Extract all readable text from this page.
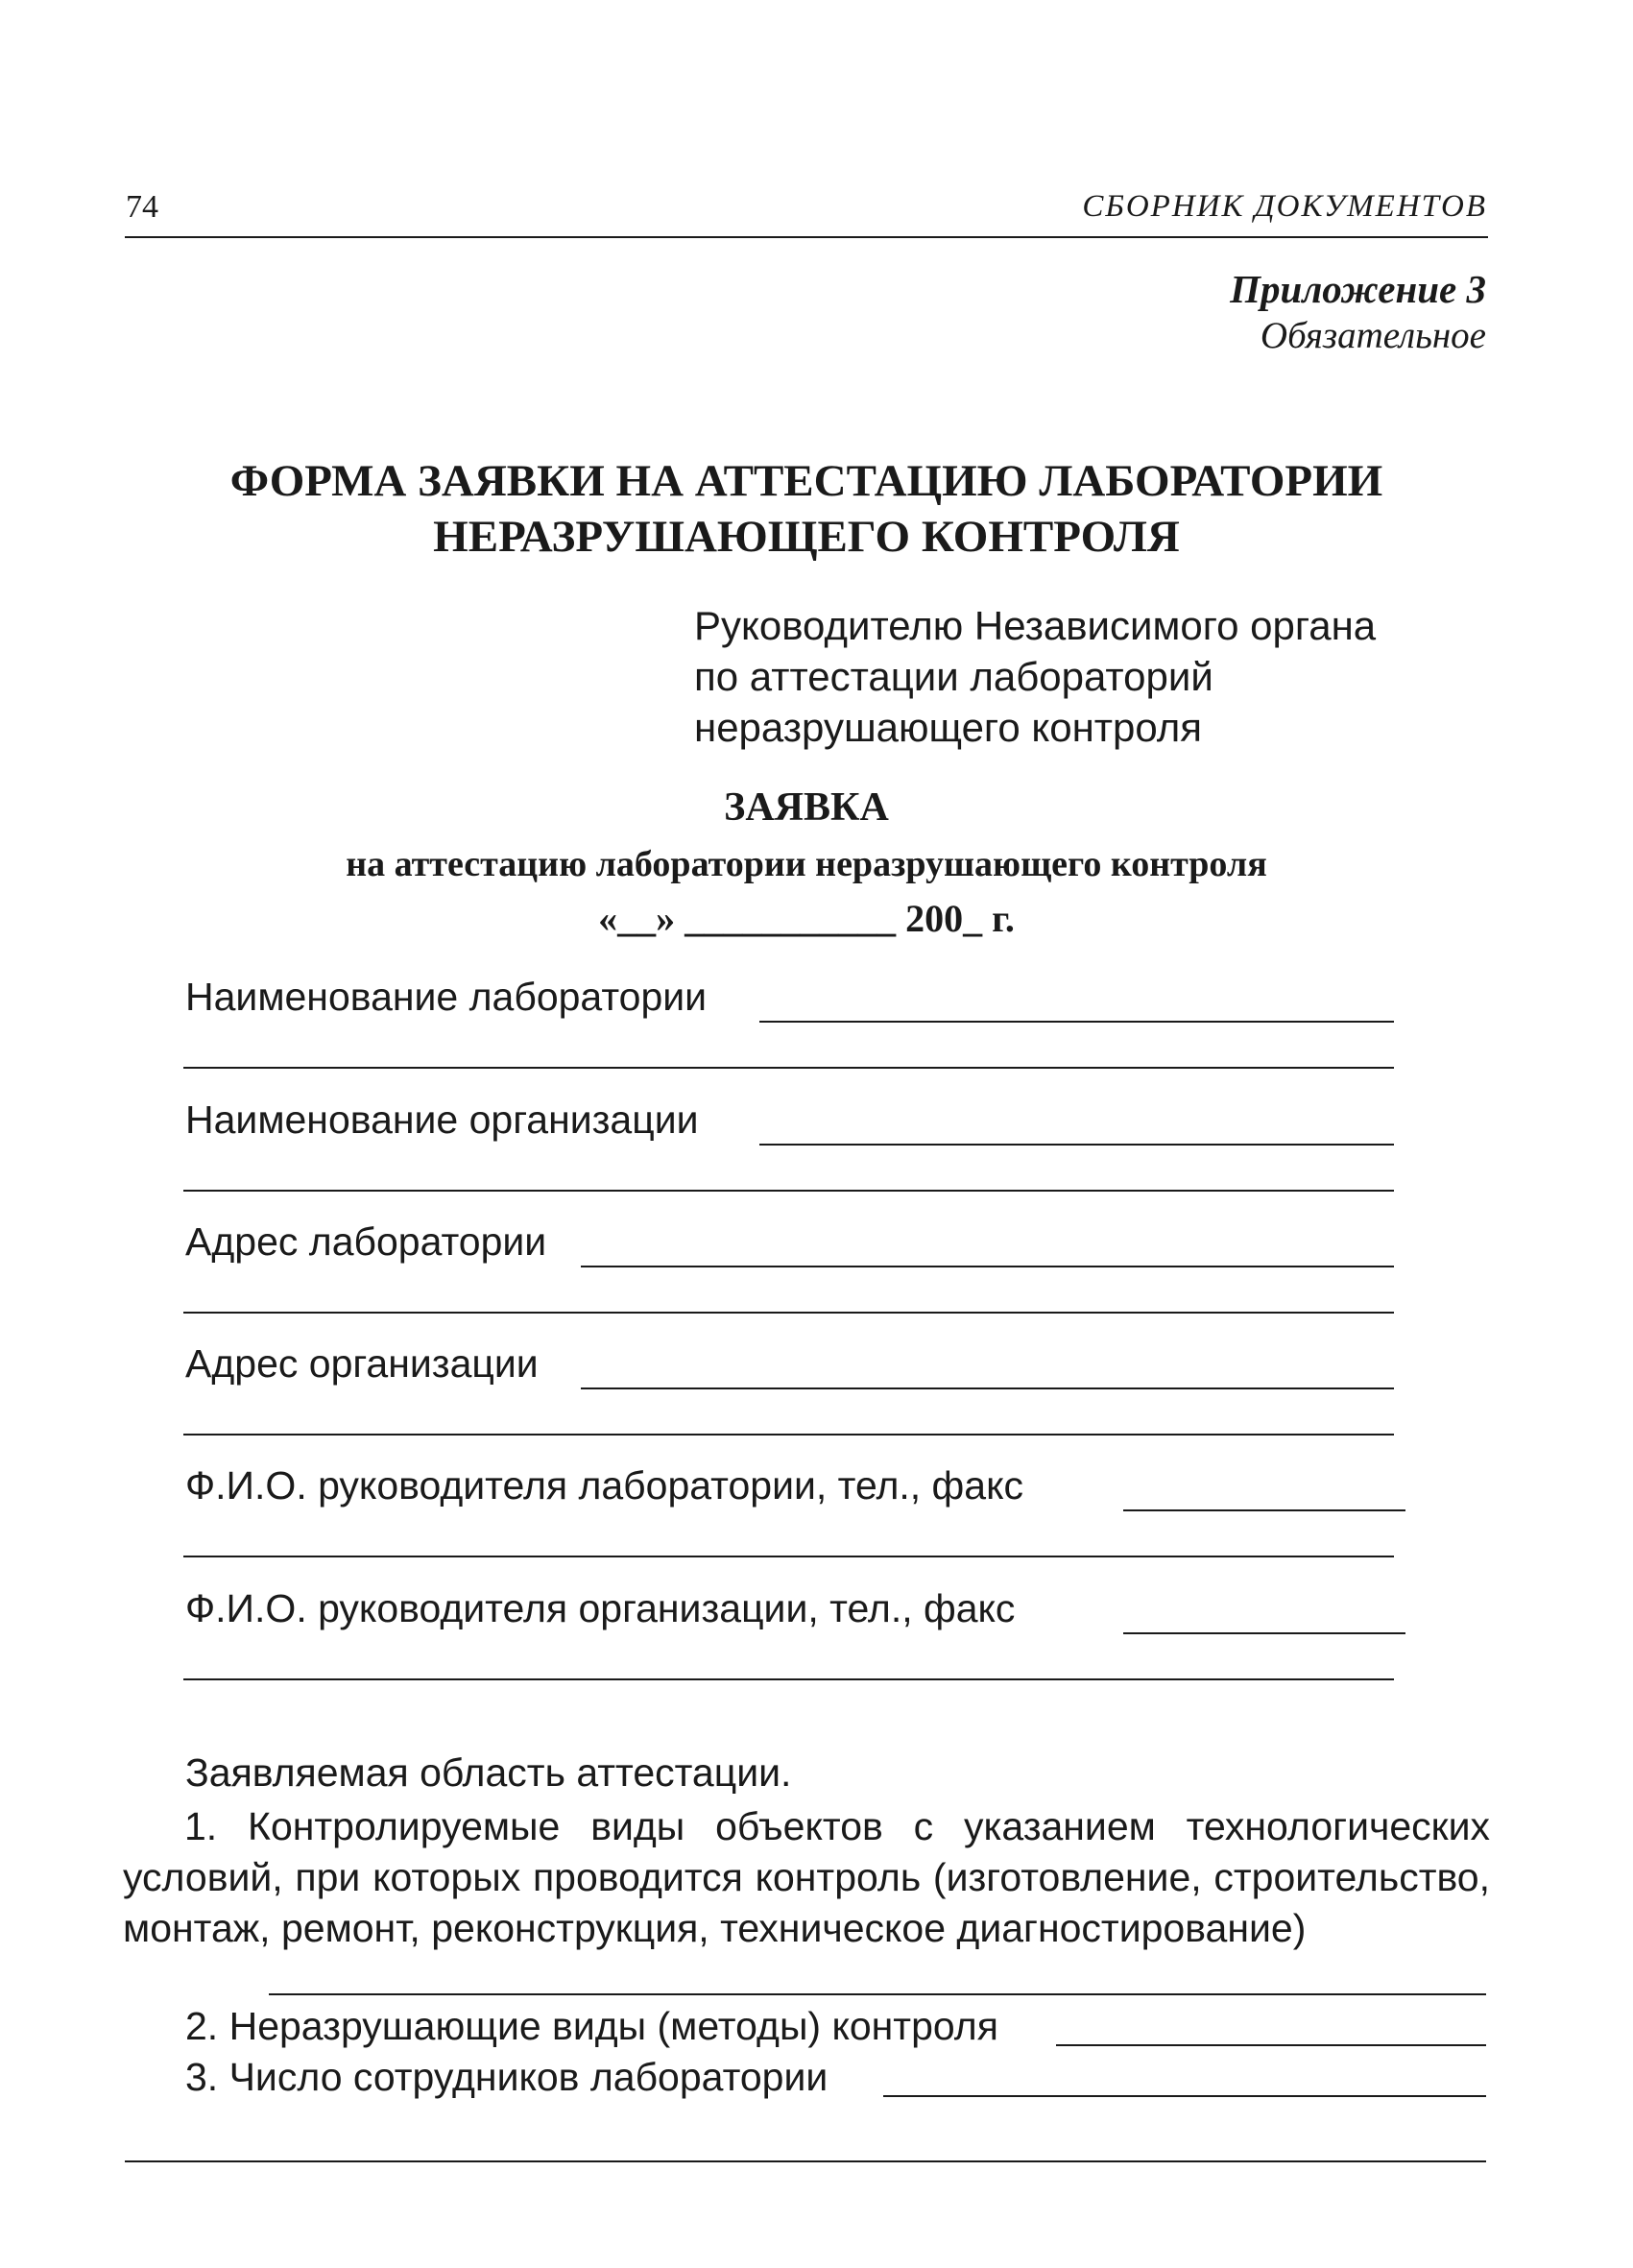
74	СБОРНИК ДОКУМЕНТОВ
Приложение 3
Обязательное
ФОРМА ЗАЯВКИ НА АТТЕСТАЦИЮ ЛАБОРАТОРИИ
НЕРАЗРУШАЮЩЕГО КОНТРОЛЯ
Руководителю Независимого органа
по аттестации лабораторий
неразрушающего контроля
ЗАЯВКА
на аттестацию лаборатории неразрушающего контроля
«__» ___________ 200_ г.
Наименование лаборатории
Наименование организации
Адрес лаборатории
Адрес организации
Ф.И.О. руководителя лаборатории, тел., факс
Ф.И.О. руководителя организации, тел., факс
Заявляемая область аттестации.
1. Контролируемые виды объектов с указанием технологических условий, при которых проводится контроль (изготовление, строительство, монтаж, ремонт, реконструкция, техническое диагностирование)
2. Неразрушающие виды (методы) контроля
3. Число сотрудников лаборатории
